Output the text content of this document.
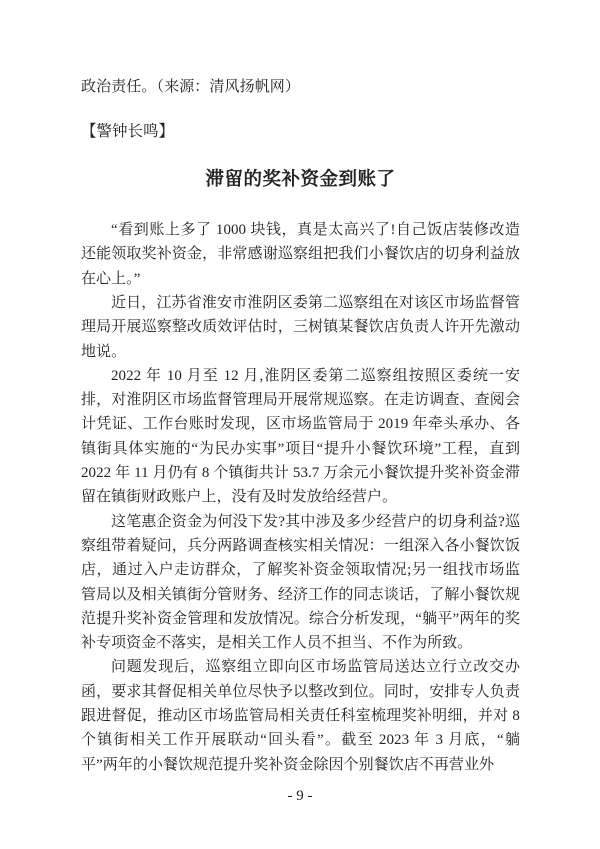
政治责任。（来源：清风扬帆网）

【警钟长鸣】

滞留的奖补资金到账了

“看到账上多了 1000 块钱，真是太高兴了!自己饭店装修改造还能领取奖补资金，非常感谢巡察组把我们小餐饮店的切身利益放在心上。”

近日，江苏省淮安市淮阴区委第二巡察组在对该区市场监督管理局开展巡察整改质效评估时，三树镇某餐饮店负责人许开先激动地说。

2022 年 10 月至 12 月,淮阴区委第二巡察组按照区委统一安排，对淮阴区市场监督管理局开展常规巡察。在走访调查、查阅会计凭证、工作台账时发现，区市场监管局于 2019 年牵头承办、各镇街具体实施的“为民办实事”项目“提升小餐饮环境”工程，直到 2022 年 11 月仍有 8 个镇街共计 53.7 万余元小餐饮提升奖补资金滞留在镇街财政账户上，没有及时发放给经营户。

这笔惠企资金为何没下发?其中涉及多少经营户的切身利益?巡察组带着疑问，兵分两路调查核实相关情况：一组深入各小餐饮饭店，通过入户走访群众，了解奖补资金领取情况;另一组找市场监管局以及相关镇街分管财务、经济工作的同志谈话，了解小餐饮规范提升奖补资金管理和发放情况。综合分析发现，“躺平”两年的奖补专项资金不落实，是相关工作人员不担当、不作为所致。

问题发现后，巡察组立即向区市场监管局送达立行立改交办函，要求其督促相关单位尽快予以整改到位。同时，安排专人负责跟进督促，推动区市场监管局相关责任科室梳理奖补明细，并对 8 个镇街相关工作开展联动“回头看”。截至 2023 年 3 月底，“躺平”两年的小餐饮规范提升奖补资金除因个别餐饮店不再营业外

- 9 -
